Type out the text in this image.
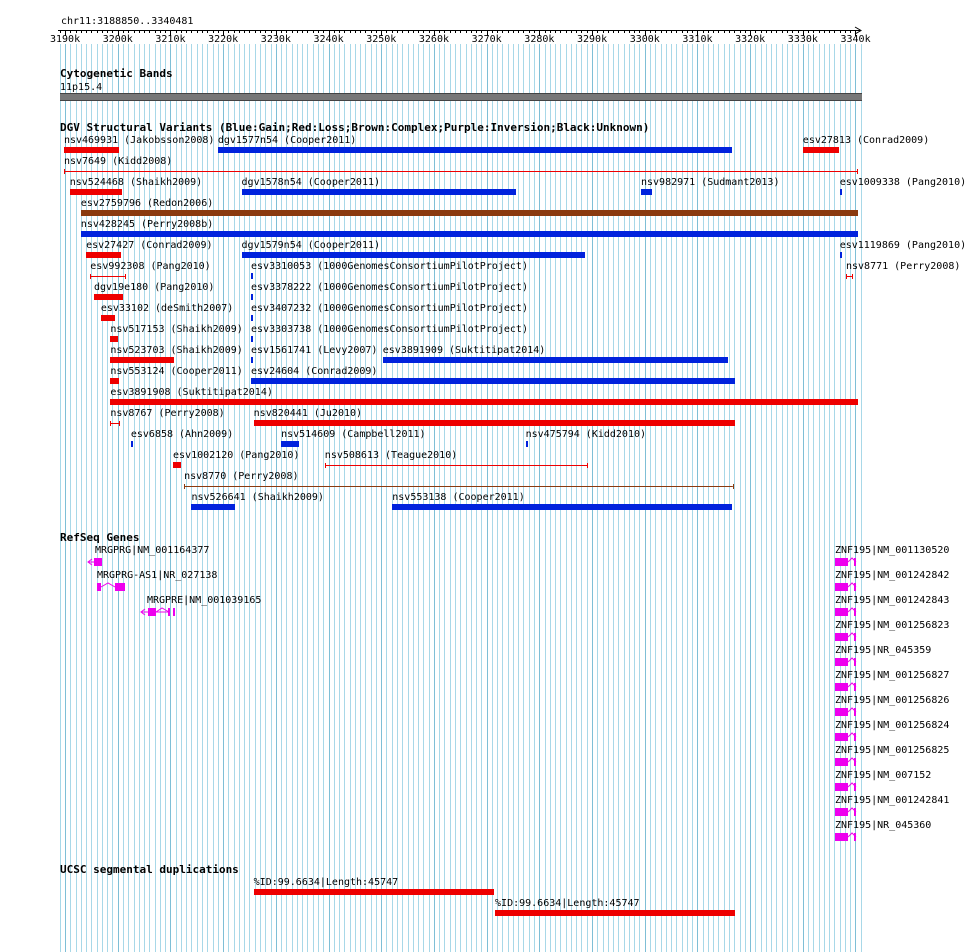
chr11:3188850..3340481
3190k 3200k 3210k 3220k 3230k 3240k 3250k 3260k 3270k 3280k 3290k 3300k 3310k 3320k 3330k 3340k
Cytogenetic Bands
11p15.4
DGV Structural Variants (Blue:Gain;Red:Loss;Brown:Complex;Purple:Inversion;Black:Unknown)
nsv469931 (Jakobsson2008) dgv1577n54 (Cooper2011)	esv27813 (Conrad2009)
nsv7649 (Kidd2008)
nsv524468 (Shaikh2009)	dgv1578n54 (Cooper2011)	nsv982971 (Sudmant2013)	esv1009338 (Pang2010)
esv2759796 (Redon2006)
nsv428245 (Perry2008b)
esv27427 (Conrad2009)	dgv1579n54 (Cooper2011)	esv1119869 (Pang2010)
esv992308 (Pang2010)	esv3310053 (1000GenomesConsortiumPilotProject)	nsv8771 (Perry2008)
dgv19e180 (Pang2010)	esv3378222 (1000GenomesConsortiumPilotProject)
esv33102 (deSmith2007) esv3407232 (1000GenomesConsortiumPilotProject)
nsv517153 (Shaikh2009) esv3303738 (1000GenomesConsortiumPilotProject)
nsv523703 (Shaikh2009) esv1561741 (Levy2007) esv3891909 (Suktitipat2014)
nsv553124 (Cooper2011) esv24604 (Conrad2009)
esv3891908 (Suktitipat2014)
nsv8767 (Perry2008)	nsv820441 (Ju2010)
esv6858 (Ahn2009)	nsv514609 (Campbell2011)	nsv475794 (Kidd2010)
esv1002120 (Pang2010)	nsv508613 (Teague2010)
nsv8770 (Perry2008)
nsv526641 (Shaikh2009)	nsv553138 (Cooper2011)
RefSeq Genes
MRGPRG|NM_001164377
MRGPRG-AS1|NR_027138
MRGPRE|NM_001039165
ZNF195|NM_001130520
ZNF195|NM_001242842
ZNF195|NM_001242843
ZNF195|NM_001256823
ZNF195|NR_045359
ZNF195|NM_001256827
ZNF195|NM_001256826
ZNF195|NM_001256824
ZNF195|NM_001256825
ZNF195|NM_007152
ZNF195|NM_001242841
ZNF195|NR_045360
UCSC segmental duplications
%ID:99.6634|Length:45747
%ID:99.6634|Length:45747
